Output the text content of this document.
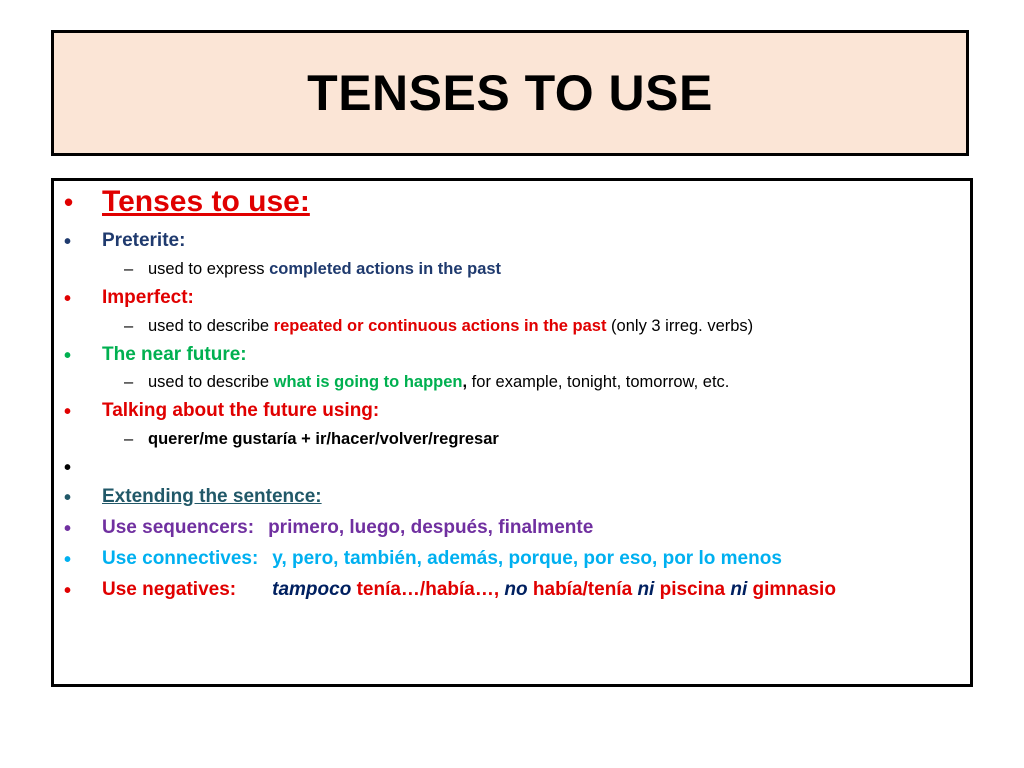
TENSES TO USE
• Tenses to use:
• Preterite:
– used to express completed actions in the past
• Imperfect:
– used to describe repeated or continuous actions in the past (only 3 irreg. verbs)
• The near future:
– used to describe what is going to happen, for example, tonight, tomorrow, etc.
• Talking about the future using:
– querer/me gustaría + ir/hacer/volver/regresar
•
• Extending the sentence:
• Use sequencers: primero, luego, después, finalmente
• Use connectives: y, pero, también, además, porque, por eso, por lo menos
• Use negatives: tampoco tenía…/había…, no había/tenía ni piscina ni gimnasio
